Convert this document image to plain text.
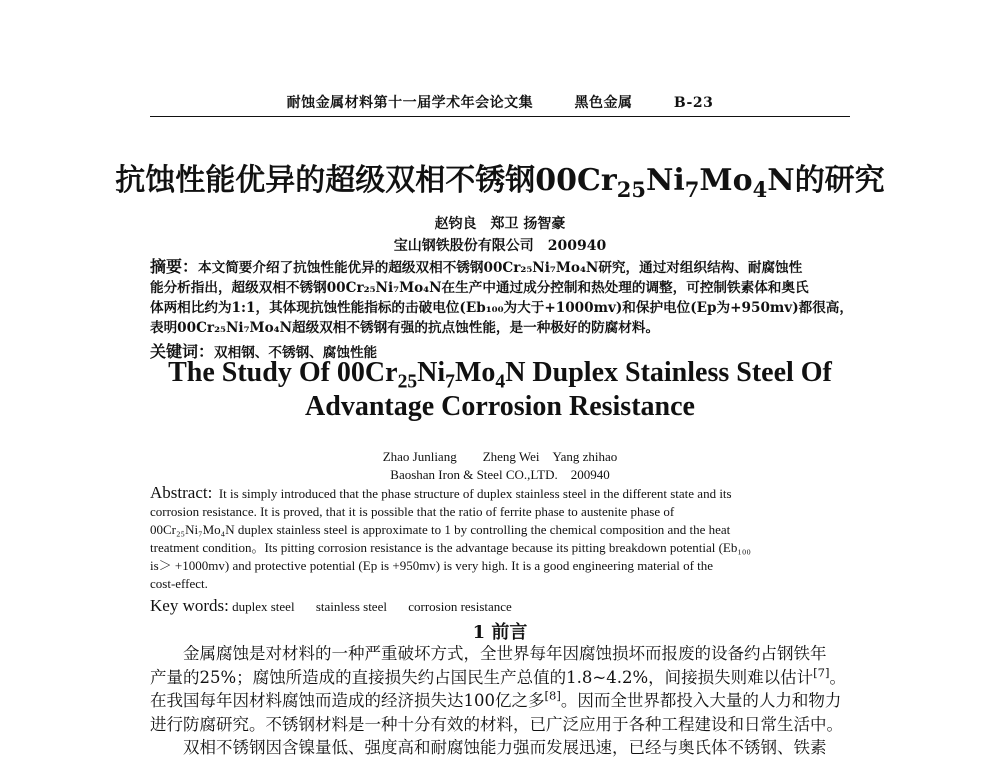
耐蚀金属材料第十一届学术年会论文集	黑色金属	B-23
抗蚀性能优异的超级双相不锈钢$00Cr_{25}Ni_7Mo_4N$的研究
赵钧良　郑卫 扬智豪
宝山钢铁股份有限公司　200940
摘要：本文简要介绍了抗蚀性能优异的超级双相不锈钢00Cr₂₅Ni₇Mo₄N研究，通过对组织结构、耐腐蚀性
能分析指出，超级双相不锈钢00Cr₂₅Ni₇Mo₄N在生产中通过成分控制和热处理的调整，可控制铁素体和奥氏
体两相比约为1:1，其体现抗蚀性能指标的击破电位(Eb₁₀₀为大于+1000mv)和保护电位(Ep为+950mv)都很高，
表明00Cr₂₅Ni₇Mo₄N超级双相不锈钢有强的抗点蚀性能，是一种极好的防腐材料。
关键词：双相钢、不锈钢、腐蚀性能
The Study Of $00Cr_{25}Ni_7Mo_4N$ Duplex Stainless Steel Of
Advantage Corrosion Resistance
Zhao Junliang　　Zheng Wei　Yang zhihao
Baoshan Iron & Steel CO.,LTD.　200940
Abstract: It is simply introduced that the phase structure of duplex stainless steel in the different state and its
corrosion resistance. It is proved, that it is possible that the ratio of ferrite phase to austenite phase of
00Cr₂₅Ni₇Mo₄N duplex stainless steel is approximate to 1 by controlling the chemical composition and the heat
treatment condition。Its pitting corrosion resistance is the advantage because its pitting breakdown potential (Eb₁₀₀
is＞ +1000mv) and protective potential (Ep is +950mv) is very high. It is a good engineering material of the
cost-effect.
Key words: duplex steel stainless steel corrosion resistance
1 前言
金属腐蚀是对材料的一种严重破坏方式，全世界每年因腐蚀损坏而报废的设备约占钢铁年
产量的25%；腐蚀所造成的直接损失约占国民生产总值的1.8~4.2%，间接损失则难以估计[7]。
在我国每年因材料腐蚀而造成的经济损失达100亿之多[8]。因而全世界都投入大量的人力和物力
进行防腐研究。不锈钢材料是一种十分有效的材料，已广泛应用于各种工程建设和日常生活中。
双相不锈钢因含镍量低、强度高和耐腐蚀能力强而发展迅速，已经与奥氏体不锈钢、铁素
